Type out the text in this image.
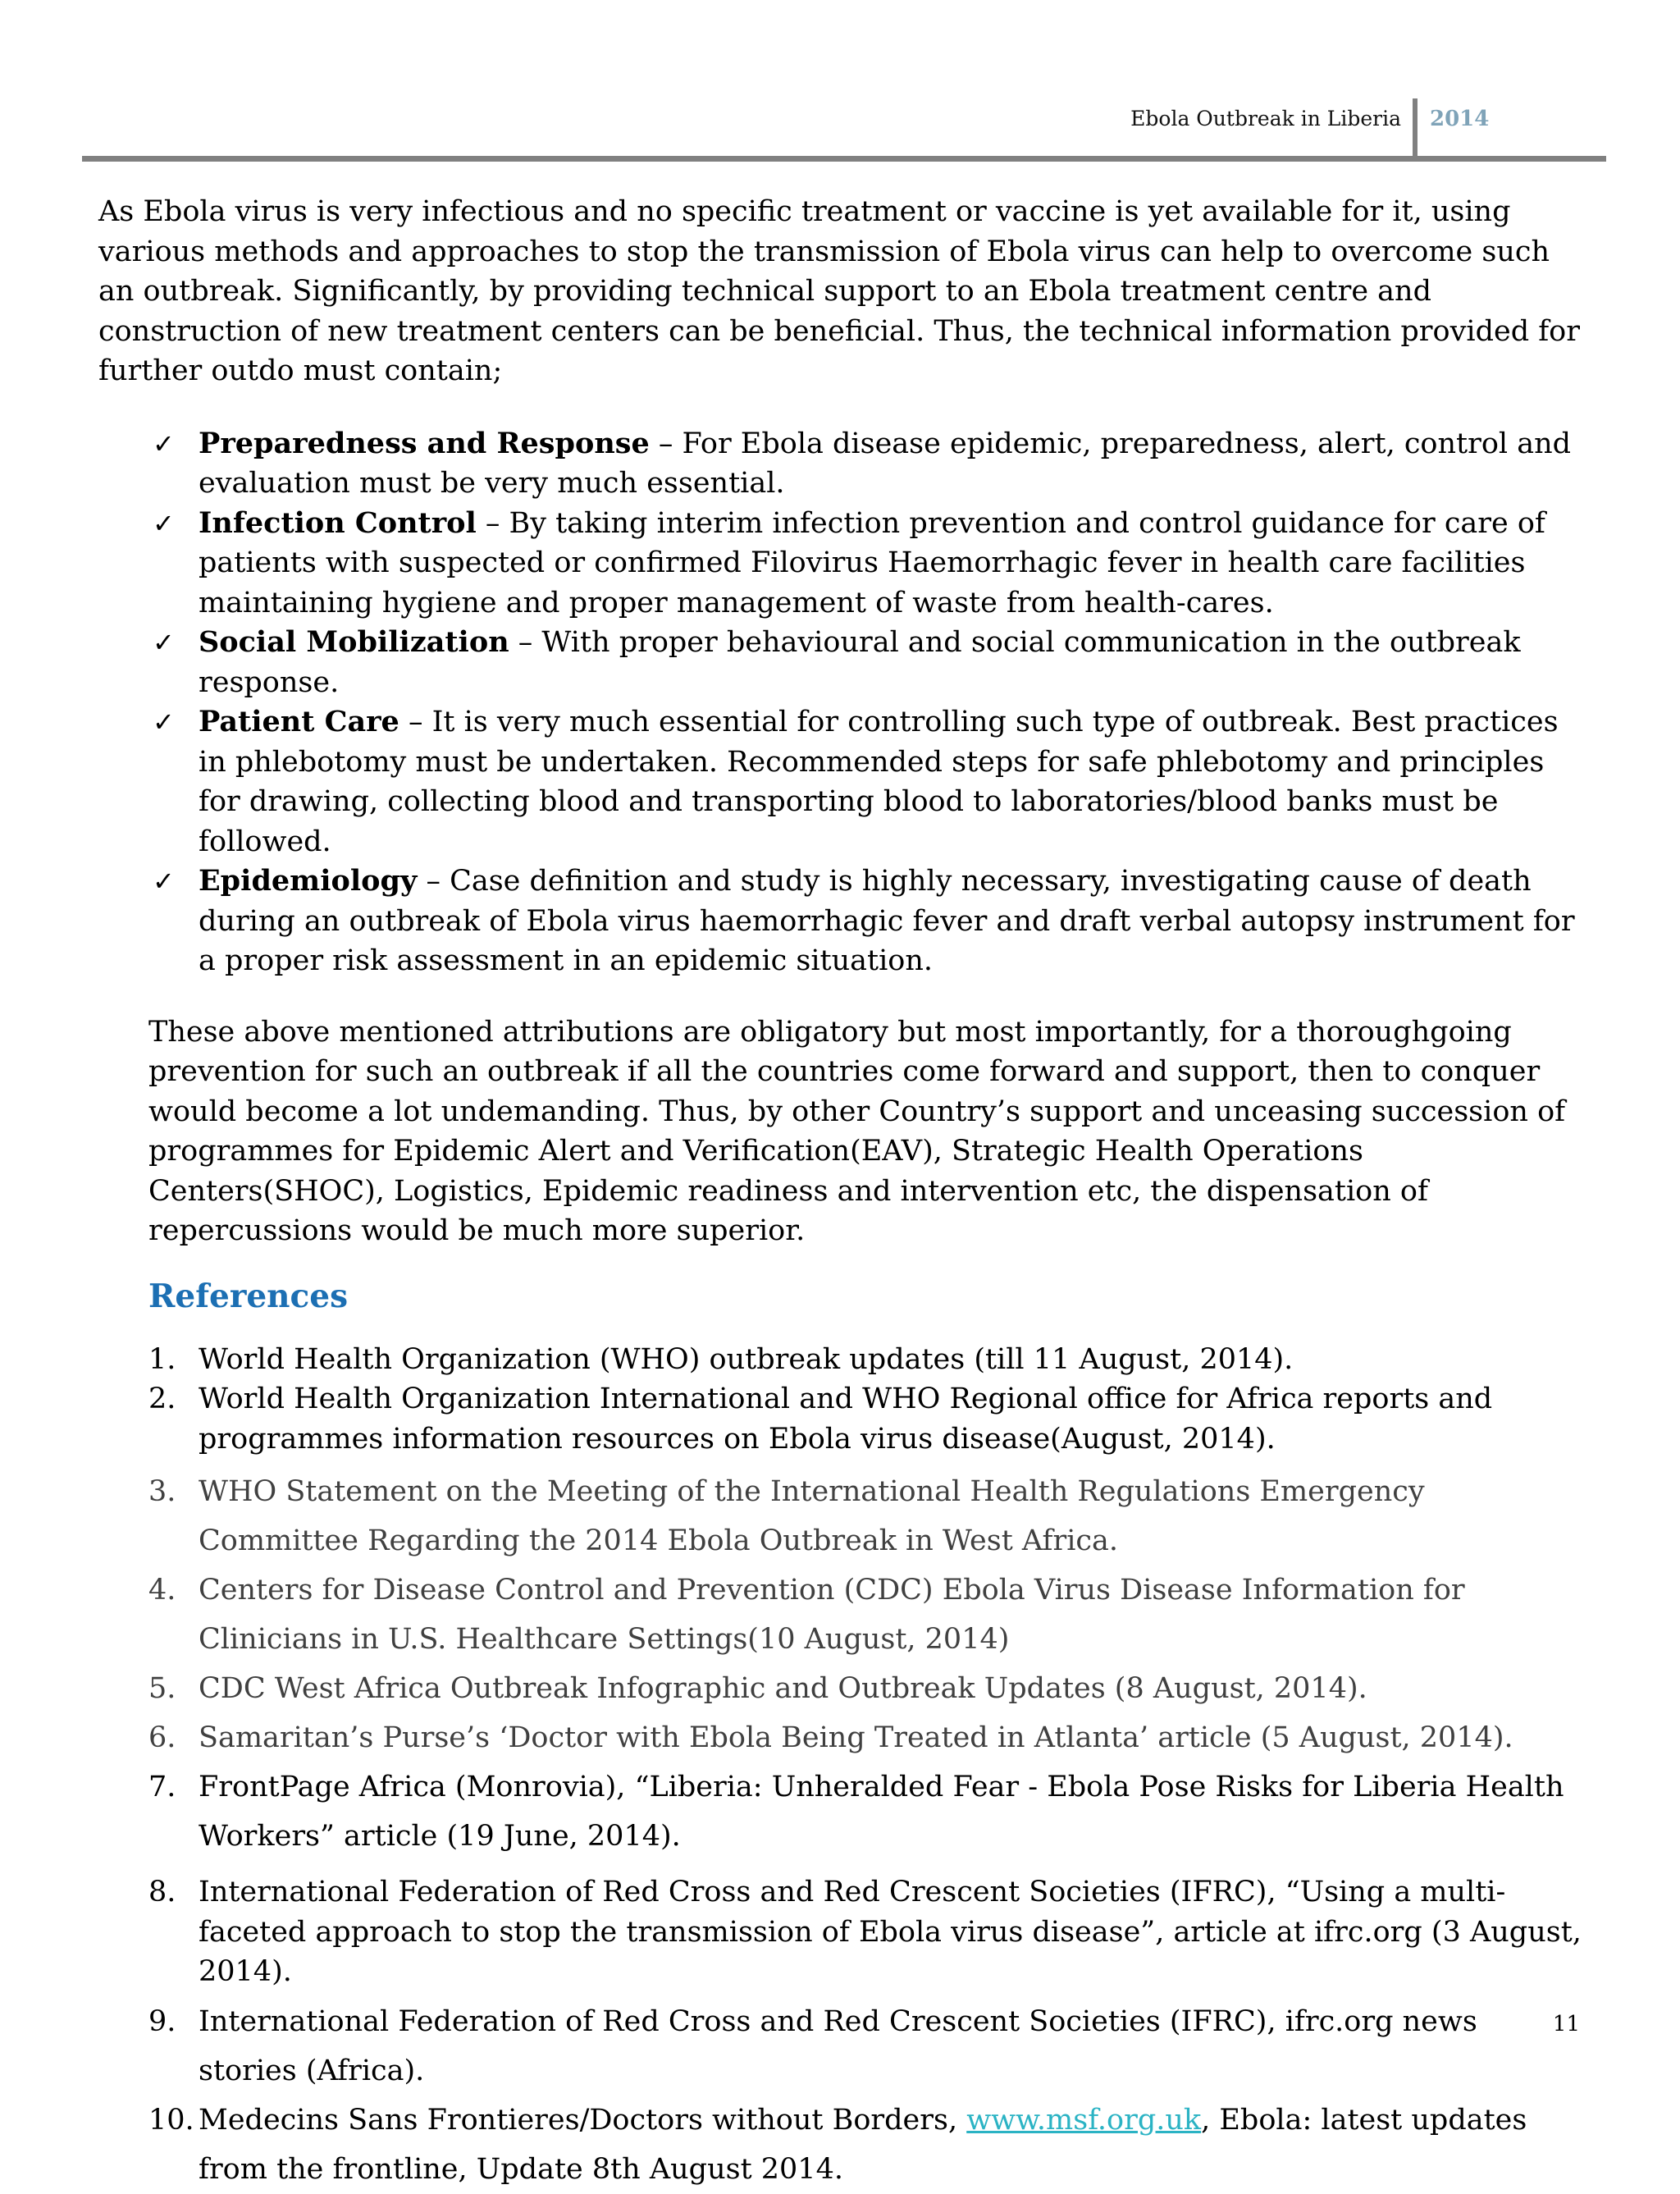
Ebola Outbreak in Liberia 2014

As Ebola virus is very infectious and no specific treatment or vaccine is yet available for it, using various methods and approaches to stop the transmission of Ebola virus can help to overcome such an outbreak. Significantly, by providing technical support to an Ebola treatment centre and construction of new treatment centers can be beneficial. Thus, the technical information provided for further outdo must contain;

✓ Preparedness and Response – For Ebola disease epidemic, preparedness, alert, control and evaluation must be very much essential.
✓ Infection Control – By taking interim infection prevention and control guidance for care of patients with suspected or confirmed Filovirus Haemorrhagic fever in health care facilities maintaining hygiene and proper management of waste from health-cares.
✓ Social Mobilization – With proper behavioural and social communication in the outbreak response.
✓ Patient Care – It is very much essential for controlling such type of outbreak. Best practices in phlebotomy must be undertaken. Recommended steps for safe phlebotomy and principles for drawing, collecting blood and transporting blood to laboratories/blood banks must be followed.
✓ Epidemiology – Case definition and study is highly necessary, investigating cause of death during an outbreak of Ebola virus haemorrhagic fever and draft verbal autopsy instrument for a proper risk assessment in an epidemic situation.

These above mentioned attributions are obligatory but most importantly, for a thoroughgoing prevention for such an outbreak if all the countries come forward and support, then to conquer would become a lot undemanding. Thus, by other Country’s support and unceasing succession of programmes for Epidemic Alert and Verification(EAV), Strategic Health Operations Centers(SHOC), Logistics, Epidemic readiness and intervention etc, the dispensation of repercussions would be much more superior.

References
1. World Health Organization (WHO) outbreak updates (till 11 August, 2014).
2. World Health Organization International and WHO Regional office for Africa reports and programmes information resources on Ebola virus disease(August, 2014).
3. WHO Statement on the Meeting of the International Health Regulations Emergency Committee Regarding the 2014 Ebola Outbreak in West Africa.
4. Centers for Disease Control and Prevention (CDC) Ebola Virus Disease Information for Clinicians in U.S. Healthcare Settings(10 August, 2014)
5. CDC West Africa Outbreak Infographic and Outbreak Updates (8 August, 2014).
6. Samaritan’s Purse’s ‘Doctor with Ebola Being Treated in Atlanta’ article (5 August, 2014).
7. FrontPage Africa (Monrovia), “Liberia: Unheralded Fear - Ebola Pose Risks for Liberia Health Workers” article (19 June, 2014).
8. International Federation of Red Cross and Red Crescent Societies (IFRC), “Using a multi-faceted approach to stop the transmission of Ebola virus disease”, article at ifrc.org (3 August, 2014).
9. International Federation of Red Cross and Red Crescent Societies (IFRC), ifrc.org news stories (Africa).
10. Medecins Sans Frontieres/Doctors without Borders, www.msf.org.uk, Ebola: latest updates from the frontline, Update 8th August 2014.
11
